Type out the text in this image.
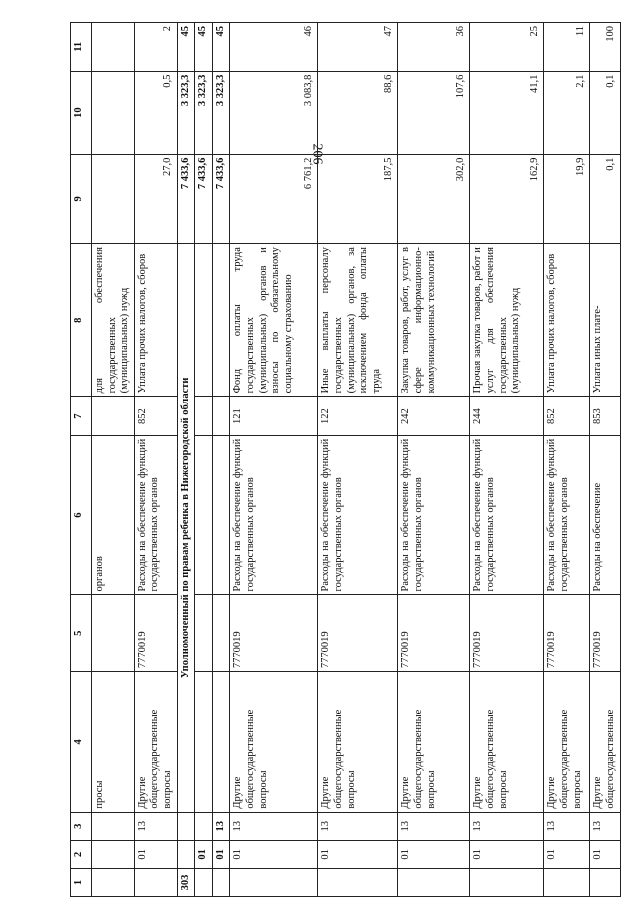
206
1	2	3	4	5	6	7	8	9	10	11
			просы		органов		для обеспечения государственных (муниципальных) нужд			
	01	13	Другие общегосударственные вопросы	7770019	Расходы на обеспечение функций государственных органов	852	Уплата прочих налогов, сборов	27,0	0,5	2
303			Уполномоченный по правам ребенка в Нижегородской области					7 433,6	3 323,3	45
	01							7 433,6	3 323,3	45
	01	13						7 433,6	3 323,3	45
	01	13	Другие общегосударственные вопросы	7770019	Расходы на обеспечение функций государственных органов	121	Фонд оплаты труда государственных (муниципальных) органов и взносы по обязательному социальному страхованию	6 761,2	3 083,8	46
	01	13	Другие общегосударственные вопросы	7770019	Расходы на обеспечение функций государственных органов	122	Иные выплаты персоналу государственных (муниципальных) органов, за исключением фонда оплаты труда	187,5	88,6	47
	01	13	Другие общегосударственные вопросы	7770019	Расходы на обеспечение функций государственных органов	242	Закупка товаров, работ, услуг в сфере информационно-коммуникационных технологий	302,0	107,6	36
	01	13	Другие общегосударственные вопросы	7770019	Расходы на обеспечение функций государственных органов	244	Прочая закупка товаров, работ и услуг для обеспечения государственных (муниципальных) нужд	162,9	41,1	25
	01	13	Другие общегосударственные вопросы	7770019	Расходы на обеспечение функций государственных органов	852	Уплата прочих налогов, сборов	19,9	2,1	11
	01	13	Другие общегосударственные	7770019	Расходы на обеспечение	853	Уплата иных плате-	0,1	0,1	100
